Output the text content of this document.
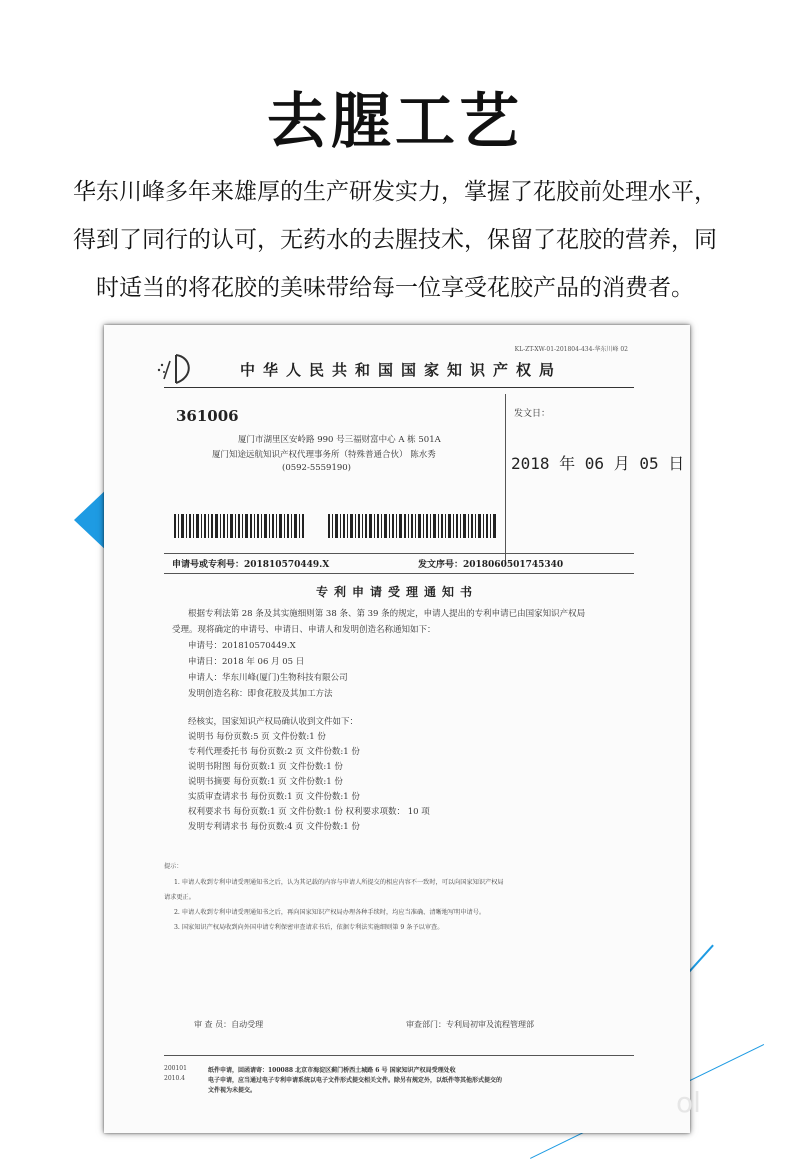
去腥工艺
华东川峰多年来雄厚的生产研发实力，掌握了花胶前处理水平，
得到了同行的认可，无药水的去腥技术，保留了花胶的营养，同
时适当的将花胶的美味带给每一位享受花胶产品的消费者。
KL-ZT-XW-01-201804-434-华东川峰 02
中华人民共和国国家知识产权局
361006
厦门市湖里区安岭路 990 号三福财富中心 A 栋 501A
厦门知途远航知识产权代理事务所（特殊普通合伙） 陈水秀
(0592-5559190)
发文日：
2018 年 06 月 05 日
申请号或专利号：201810570449.X	发文序号：2018060501745340
专利申请受理通知书
根据专利法第 28 条及其实施细则第 38 条、第 39 条的规定，申请人提出的专利申请已由国家知识产权局
受理。现将确定的申请号、申请日、申请人和发明创造名称通知如下：
申请号：201810570449.X
申请日：2018 年 06 月 05 日
申请人：华东川峰(厦门)生物科技有限公司
发明创造名称：即食花胶及其加工方法
经核实，国家知识产权局确认收到文件如下：
说明书 每份页数:5 页 文件份数:1 份
专利代理委托书 每份页数:2 页 文件份数:1 份
说明书附图 每份页数:1 页 文件份数:1 份
说明书摘要 每份页数:1 页 文件份数:1 份
实质审查请求书 每份页数:1 页 文件份数:1 份
权利要求书 每份页数:1 页 文件份数:1 份 权利要求项数： 10 项
发明专利请求书 每份页数:4 页 文件份数:1 份
提示：
1. 申请人收到专利申请受理通知书之后，认为其记载的内容与申请人所提交的相应内容不一致时，可以向国家知识产权局
请求更正。
2. 申请人收到专利申请受理通知书之后，再向国家知识产权局办理各种手续时，均应当准确、清晰地写明申请号。
3. 国家知识产权局收到向外国申请专利保密审查请求书后，依据专利法实施细则第 9 条予以审查。
审 查 员：自动受理	审查部门：专利局初审及流程管理部
200101
2010.4
纸件申请，回函请寄：100088 北京市海淀区蓟门桥西土城路 6 号 国家知识产权局受理处收
电子申请，应当通过电子专利申请系统以电子文件形式提交相关文件。除另有规定外，以纸件等其他形式提交的
文件视为未提交。	ol
